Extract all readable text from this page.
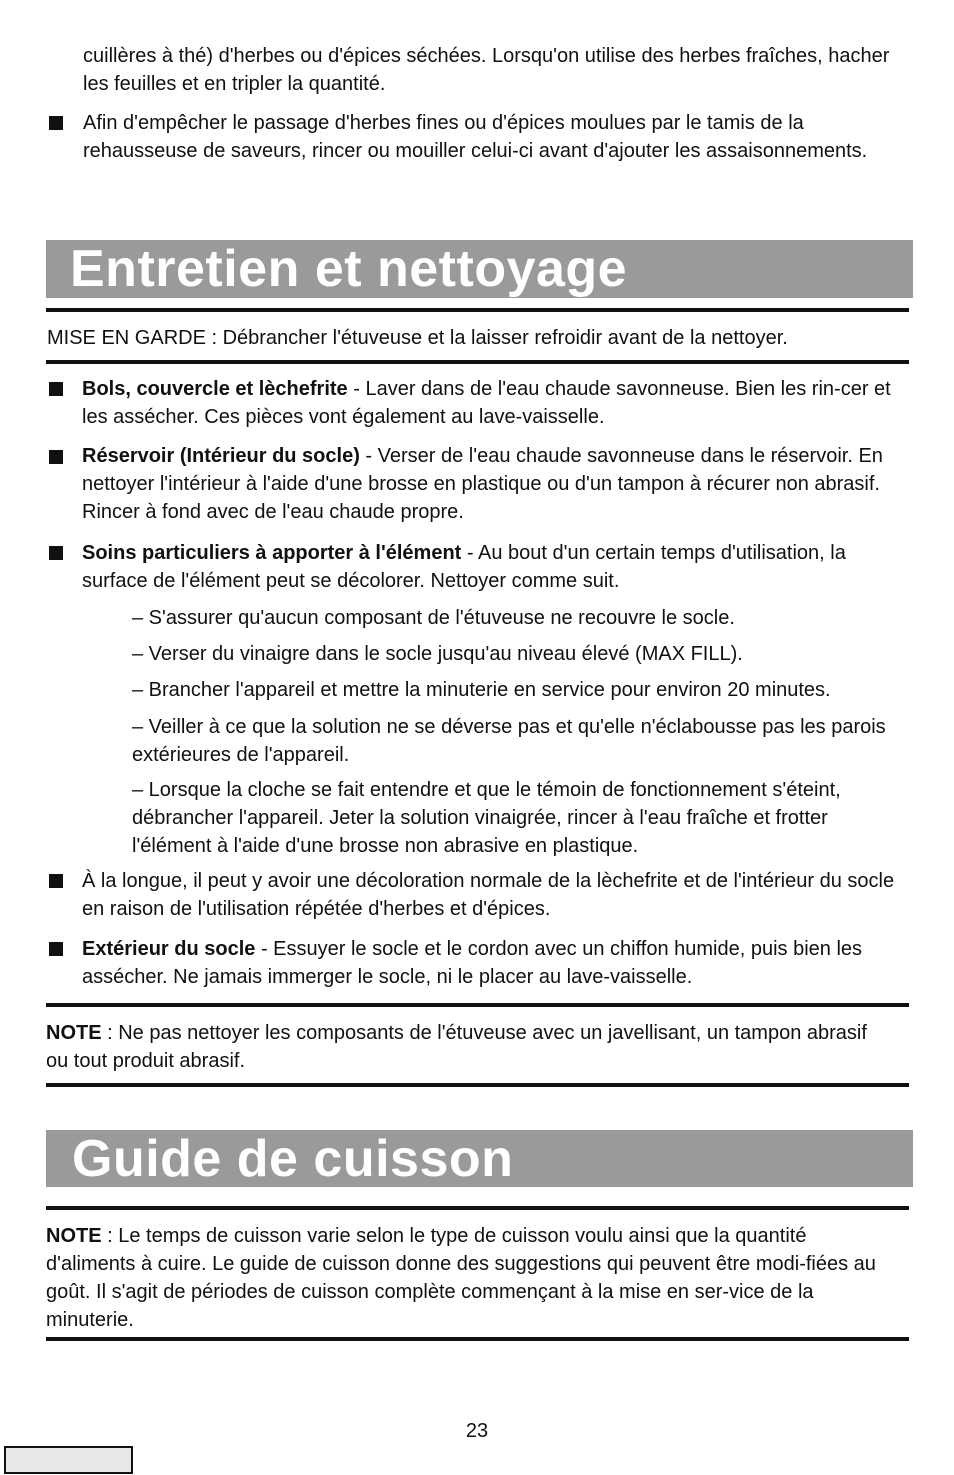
cuillères à thé) d'herbes ou d'épices séchées. Lorsqu'on utilise des herbes fraîches, hacher les feuilles et en tripler la quantité.
Afin d'empêcher le passage d'herbes fines ou d'épices moulues par le tamis de la rehausseuse de saveurs, rincer ou mouiller celui-ci avant d'ajouter les assaisonnements.
Entretien et nettoyage
MISE EN GARDE : Débrancher l'étuveuse et la laisser refroidir avant de la nettoyer.
Bols, couvercle et lèchefrite - Laver dans de l'eau chaude savonneuse. Bien les rin-cer et les assécher. Ces pièces vont également au lave-vaisselle.
Réservoir (Intérieur du socle) - Verser de l'eau chaude savonneuse dans le réservoir. En nettoyer l'intérieur à l'aide d'une brosse en plastique ou d'un tampon à récurer non abrasif. Rincer à fond avec de l'eau chaude propre.
Soins particuliers à apporter à l'élément - Au bout d'un certain temps d'utilisation, la surface de l'élément peut se décolorer. Nettoyer comme suit.
– S'assurer qu'aucun composant de l'étuveuse ne recouvre le socle.
– Verser du vinaigre dans le socle jusqu'au niveau élevé (MAX FILL).
– Brancher l'appareil et mettre la minuterie en service pour environ 20 minutes.
– Veiller à ce que la solution ne se déverse pas et qu'elle n'éclabousse pas les parois extérieures de l'appareil.
– Lorsque la cloche se fait entendre et que le témoin de fonctionnement s'éteint, débrancher l'appareil. Jeter la solution vinaigrée, rincer à l'eau fraîche et frotter l'élément à l'aide d'une brosse non abrasive en plastique.
À la longue, il peut y avoir une décoloration normale de la lèchefrite et de l'intérieur du socle en raison de l'utilisation répétée d'herbes et d'épices.
Extérieur du socle - Essuyer le socle et le cordon avec un chiffon humide, puis bien les assécher. Ne jamais immerger le socle, ni le placer au lave-vaisselle.
NOTE : Ne pas nettoyer les composants de l'étuveuse avec un javellisant, un tampon abrasif ou tout produit abrasif.
Guide de cuisson
NOTE : Le temps de cuisson varie selon le type de cuisson voulu ainsi que la quantité d'aliments à cuire. Le guide de cuisson donne des suggestions qui peuvent être modi-fiées au goût. Il s'agit de périodes de cuisson complète commençant à la mise en ser-vice de la minuterie.
23
